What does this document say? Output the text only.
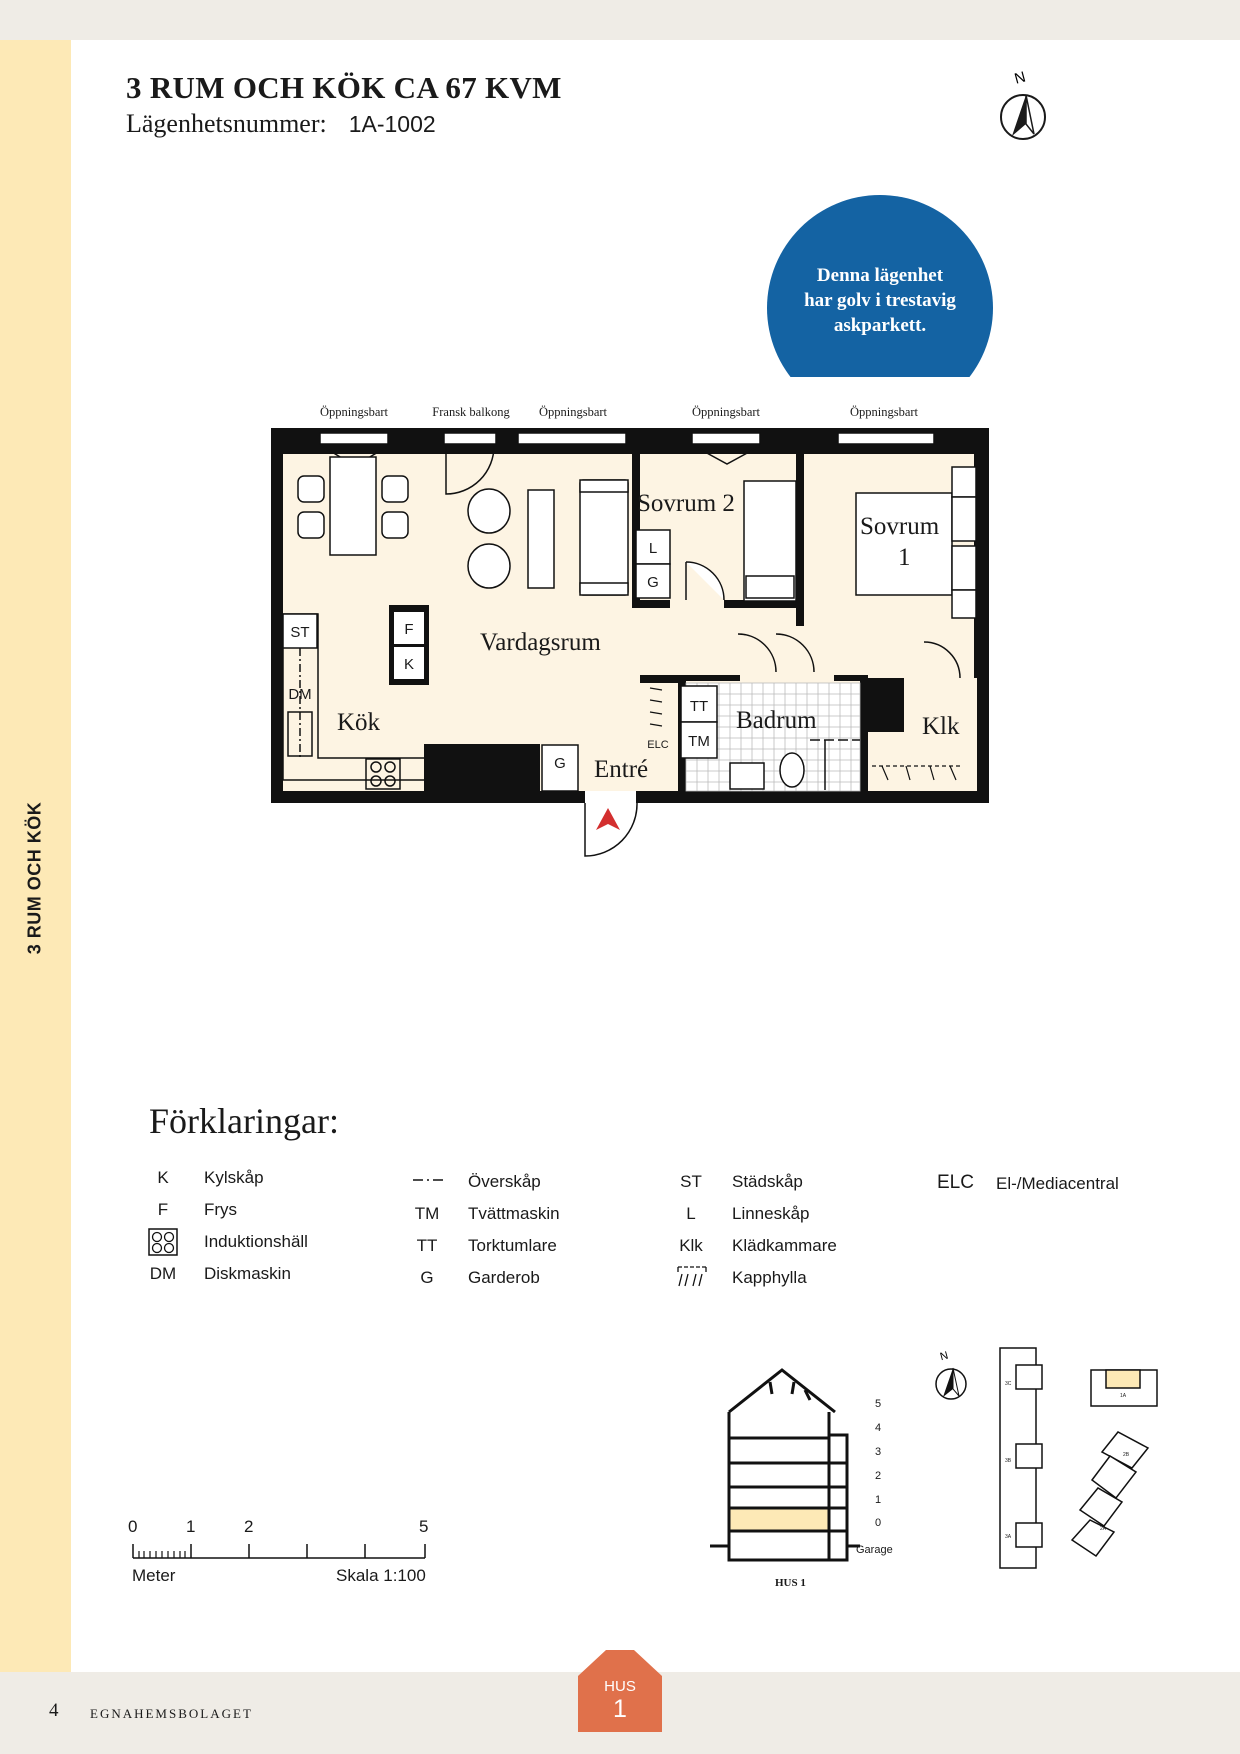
3 RUM OCH KÖK
3 RUM OCH KÖK CA 67 KVM
Lägenhetsnummer: 1A-1002
N
Denna lägenhet
har golv i trestavig
askparkett.
Öppningsbart	Fransk balkong Öppningsbart	Öppningsbart	Öppningsbart
Kök
Vardagsrum
Sovrum 2
Sovrum
1
Badrum	Klk
Entré
ST
DM
F
K
L
G
G
TT
TM
ELC
Förklaringar:
K	Kylskåp
F	Frys
Induktionshäll
DM	Diskmaskin
Överskåp
TM	Tvättmaskin
TT	Torktumlare
G	Garderob
ST	Städskåp
L	Linneskåp
Klk	Klädkammare
Kapphylla
ELC El-/Mediacentral
0	1	2	5
Meter	Skala 1:100
5
4
3
2
1
0
Garage
HUS 1
N
3C
3B
3A
1A
2B
2A
4 EGNAHEMSBOLAGET
HUS
1
